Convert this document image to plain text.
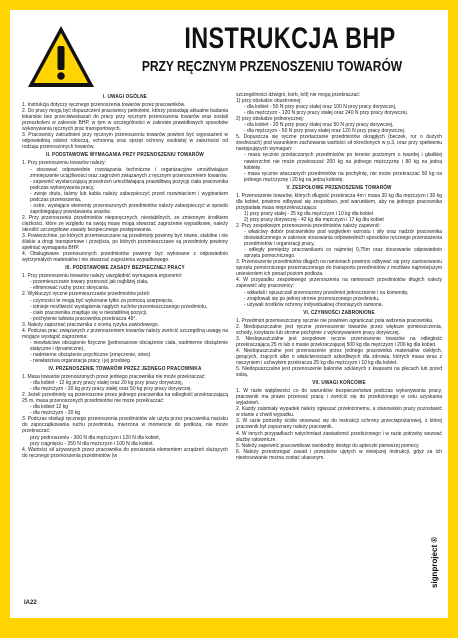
INSTRUKCJA BHP
PRZY RĘCZNYM PRZENOSZENIU TOWARÓW
I. UWAGI OGÓLNE

1. Instrukcja dotyczy ręcznego przenoszenia towarów przez pracowników.

2. Do pracy mogą być dopuszczeni pracownicy pełnoletni, którzy posiadają aktualne badania lekarskie bez przeciwwskazań do pracy przy ręcznym przenoszeniu towarów oraz zostali przeszkoleni w zakresie BHP, w tym w szczególności w zakresie prawidłowych sposobów wykonywania ręcznych prac transportowych.

3. Pracownicy zatrudnieni przy ręcznym przenoszeniu towarów powinni być wyposażeni w odpowiednią odzież roboczą, ochronną oraz sprzęt ochrony osobistej w zależności od rodzaju przenoszonych towarów.

II. PODSTAWOWE WYMAGANIA PRZY PRZENOSZENIU TOWARÓW

1. Przy przenoszeniu towarów należy:

- stosować odpowiednie rozwiązania techniczne i organizacyjne umożliwiające zmniejszenie uciążliwości oraz zagrożeń związanych z ręcznym przenoszeniem towarów,

- zapewnić wystarczającą przestrzeń umożliwiającą prawidłową pozycję ciała pracownika podczas wykonywania pracy,

- zwoje drutu, taśmy lub kabla należy zabezpieczyć przed rozwinięciem i wyginaniem podczas przenoszenia,

- ostre, wystające elementy przenoszonych przedmiotów należy zabezpieczyć w sposób zapobiegający powstawaniu urazów.

2. Przy przenoszeniu przedmiotów nieporęcznych, niestabilnych, ze zmiennym środkiem ciężkości, które ze względu na swoją masę mogą stwarzać zagrożenie wypadkowe, należy określić szczegółowe zasady bezpiecznego postępowania.

3. Powierzchnie, po których przemieszczane są przedmioty powinny być równe, stabilne i nie śliskie a drogi transportowe i przejścia, po których przemieszczane są przedmioty powinny spełniać wymagania BHP.

4. Obsługiwane przenoszonych przedmiotów powinny być wykonane z odpowiednio wytrzymałych materiałów i nie stwarzać zagrożenia wypadkowego.

III. PODSTAWOWE ZASADY BEZPIECZNEJ PRACY

1. Przy przenoszeniu towarów należy uwzględnić wymagania ergonomii:

- przemieszczane towary przenosić jak najbliżej ciała,

- eliminować ruchy przez skręcania.

2. Wykluczyć ręczne przemieszczanie przedmiotów jeżeli:

- czynności te mogą być wykonane tylko za pomocą szarpnięcia,

- istnieje możliwość wystąpienia nagłych ruchów przemieszczanego przedmiotu,

- ciało pracownika znajduje się w niestabilnej pozycji,

- pochylenie tułowia pracownika przekracza 45°.

3. Należy zapoznać pracownika z oceną ryzyka zawodowego.

4. Podczas prac związanych z przenoszeniem towarów należy zwrócić szczególną uwagę na mogące wystąpić zagrożenia:

- niewłaściwe obciążenie fizyczne (jednorazowe obciążenie ciała, nadmierne obciążenie statyczne i dynamiczne),

- nadmierne obciążenie psychiczne (zmęczenie, stres)

- niewłaściwa organizacja pracy i jej przebieg.

IV. PRZENOSZENIE TOWARÓW PRZEZ JEDNEGO PRACOWNIKA

1. Masa towarów przenoszonych przez jednego pracownika nie może przekraczać:

- dla kobiet - 12 kg przy pracy stałej oraz 20 kg przy pracy dorywczej,

- dla mężczyzn - 30 kg przy pracy stałej oraz 50 kg przy pracy dorywczej.

2. Jeżeli przedmioty są przenoszone przez jednego pracownika na odległość przekraczającą 25 m, masa przenoszonych przedmiotów nie może przekraczać:

- dla kobiet 12 kg

- dla mężczyzn - 30 kg

3. Podczas obsługi ręcznego przenoszenia przedmiotów ale użyta przez pracownika nacisku do zapoczątkowania ruchu przedmiotu, mierzona w momencie do podłoża, nie może przekraczać:

przy podnoszeniu - 300 N dla mężczyzn i 120 N dla kobiet,

przy ciągnięciu - 250 N dla mężczyzn i 100 N dla kobiet.

4. Wartości sił używanych przez pracownika do poruszania elementem urządzeń służących do ręcznego przenoszenia przedmiotów (w

szczególności dźwigni, korb, kół) nie mogą przekraczać:

1) przy obsłudze obustronnej:

- dla kobiet - 50 N przy pracy stałej oraz 100 N przy pracy dorywczej,

- dla mężczyzn - 120 N przy pracy stałej oraz 240 N przy pracy dorywczej.

2) przy obsłudze jednoręcznej:

- dla kobiet - 20 N przy pracy stałej oraz 50 N przy pracy dorywczej,

- dla mężczyzn - 50 N przy pracy stałej oraz 120 N przy pracy dorywczej.

5. Dopuszcza się ręczne przetaczanie przedmiotów okrągłych (beczek, rur o dużych średnicach) pod warunkiem zachowania wartości sił określonych w p.3, oraz przy spełnieniu następujących wymagań:

- masa ręcznie przetaczanych przedmiotów po terenie poziomym o twardej i gładkiej nawierzchni nie może przekraczać 200 kg na jednego mężczyznę i 80 kg na jedną kobietę.

- masa ręcznie wtaczanych przedmiotów na pochylnię, nie może przekraczać 50 kg na jednego mężczyznę i 20 kg na jedną kobietę.

V. ZESPOŁOWE PRZENOSZENIE TOWARÓW

1. Przenoszenie towarów, których długość przekracza 4m i masa 30 kg dla mężczyzn i 30 kg dla kobiet, powinno odbywać się zespołowo, pod warunkiem, aby na jednego pracownika przypadała masa nieprzekraczająca:

1) przy pracy stałej - 25 kg dla mężczyzn i 10 kg dla kobiet

2) przy pracy dorywczej - 42 kg dla mężczyzn i 17 kg dla kobiet

2. Przy zespołowym przenoszeniu przedmiotów należy zapewnić:

- właściwy dobór pracowników pod względem wzrostu i siły oraz nadzór pracownika doświadczonego w zakresie stosowania odpowiednich sposobów ręcznego przenoszenia przedmiotów i organizacji pracy,

- odległy pomiędzy pracownikami co najmniej 0,75m oraz stosowanie odpowiednio sprzętu pomocniczego.

3. Przenoszenie przedmiotów długich na ramionach powinno odbywać się przy zastosowaniu sprzętu pomocniczego przeznaczonego do transportu przedmiotów z możliwie najmniejszym uniesieniem ich ponad poziom podłoża.

4. W przypadku zespołowego przenoszenia na ramionach przedmiotów długich należy zapewnić aby pracownicy:

- wkładali i opuszczali przenoszony przedmiot jednocześnie i na komendę,

- znajdowali się po jednej stronie przenoszonego przedmiotu,

- używali środków ochrony indywidualnej chroniących ramiona.

VI. CZYNNOŚCI ZABRONIONE

1. Przedmiot przemieszczany ręcznie nie powinien ograniczać pola widzenia pracownika.

2. Niedopuszczalne jest ręczne przenoszenie towarów przez większe pomieszczenia, schody, korytarze lub strome pochylnie z wykonywaniem pracy dorywczej.

3. Niedopuszczalne jest zespołowe ręczne przenoszenie towarów na odległość przekraczającą 25 m lub o masie przekraczającej 500 kg dla mężczyzn i 200 kg dla kobiet.

4. Niedopuszczalne jest przenoszenie przez jednego pracownika materiałów ciekłych, gorących, żrących albo o właściwościach szkodliwych dla zdrowia, których masa wraz z naczyniem i uchwytem przekracza 25 kg dla mężczyzn i 10 kg dla kobiet.

5. Niedopuszczalne jest przenoszenie balonów szklanych z kwasami na plecach lub przed sobą.

VII. UWAGI KOŃCOWE

1. W razie wątpliwości co do warunków bezpieczeństwa podczas wykonywania pracy, pracownik ma prawo przerwać pracę i zwrócić się do przełożonego w celu uzyskania wyjaśnień.

2. Każdy zaistniały wypadek należy zgłaszać przełożonemu, a stanowisko pracy pozostawić w stanie z chwili wypadku.

3. W razie potrzeby ściśle stosować się do instrukcji ochrony przeciwpożarowej, z której pracownik był zapoznany należy pracownik.

4. W innych przypadkach natychmiast zawiadomić przełożonego i w razie potrzeby wezwać służby ratownicze.

5. Należy zapewnić pracownikowi swobodny dostęp do apteczki pierwszej pomocy.

6. Należy przestrzegać zasad i przepisów ujętych w niniejszej instrukcji, gdyż za ich niestosowanie można zostać ukaranym.

IA22
signproject ®
